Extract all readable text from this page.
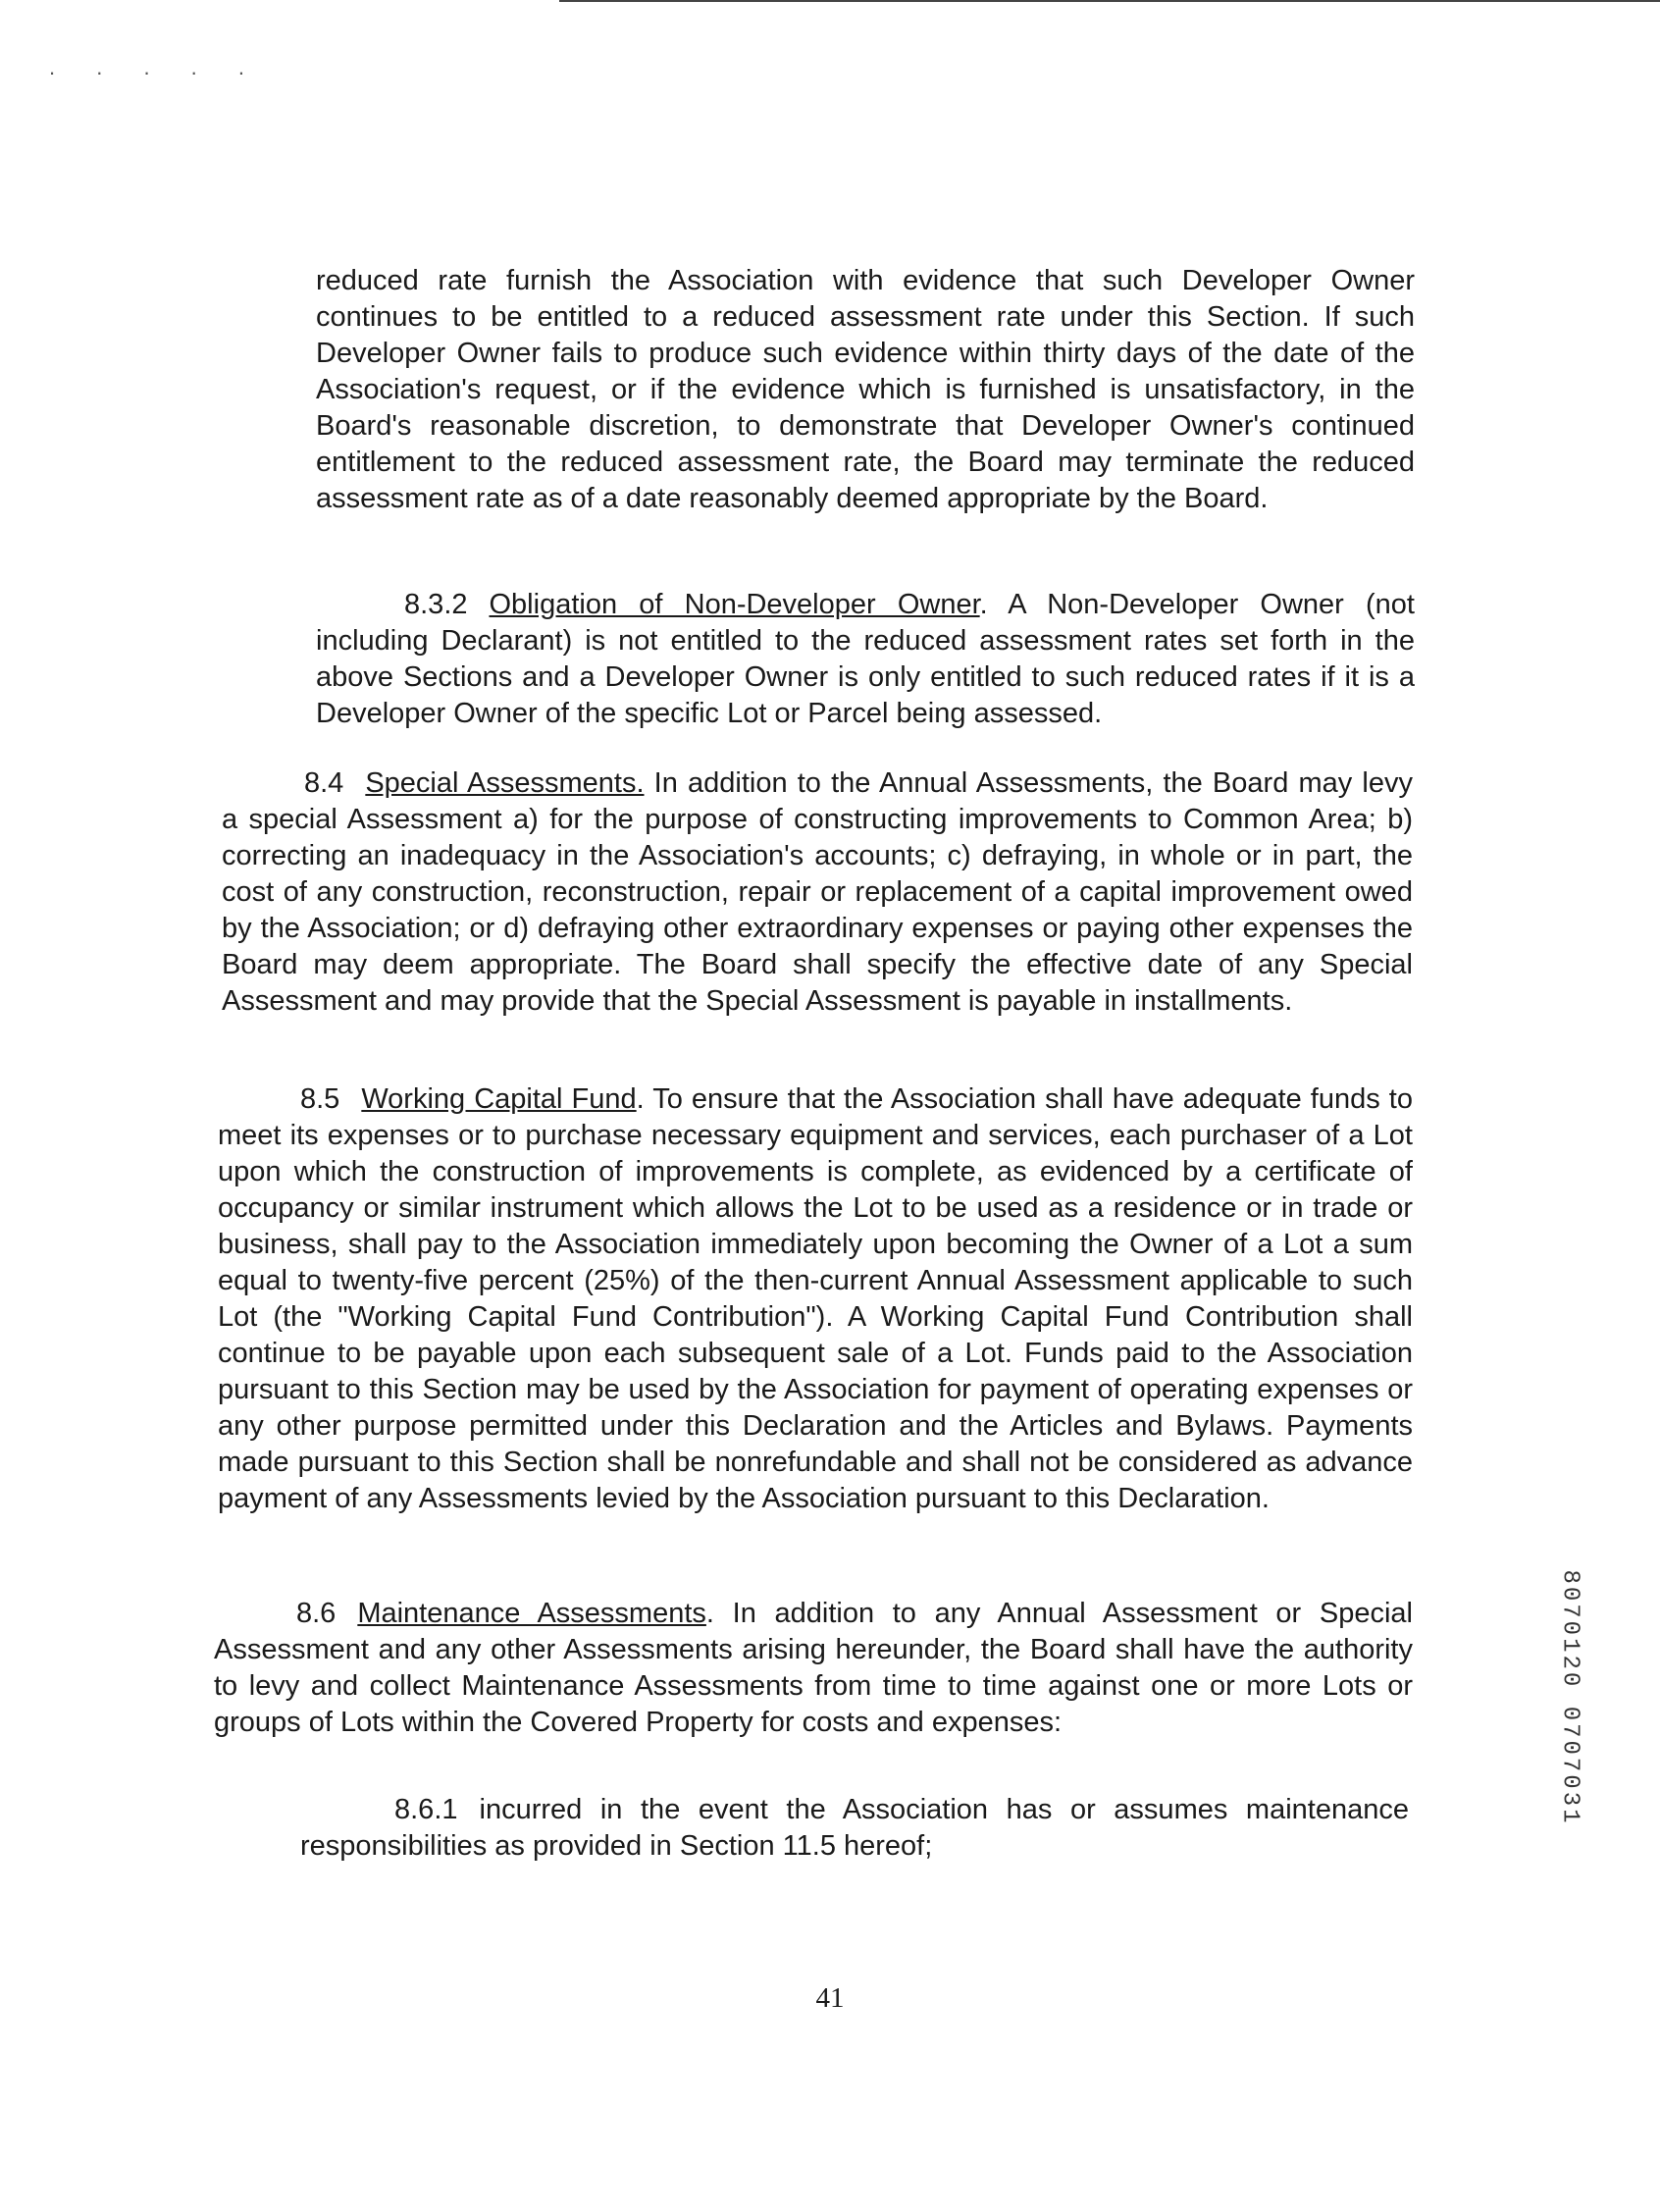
. . . . .

reduced rate furnish the Association with evidence that such Developer Owner continues to be entitled to a reduced assessment rate under this Section. If such Developer Owner fails to produce such evidence within thirty days of the date of the Association's request, or if the evidence which is furnished is unsatisfactory, in the Board's reasonable discretion, to demonstrate that Developer Owner's continued entitlement to the reduced assessment rate, the Board may terminate the reduced assessment rate as of a date reasonably deemed appropriate by the Board.

8.3.2 Obligation of Non-Developer Owner. A Non-Developer Owner (not including Declarant) is not entitled to the reduced assessment rates set forth in the above Sections and a Developer Owner is only entitled to such reduced rates if it is a Developer Owner of the specific Lot or Parcel being assessed.

8.4 Special Assessments. In addition to the Annual Assessments, the Board may levy a special Assessment a) for the purpose of constructing improvements to Common Area; b) correcting an inadequacy in the Association's accounts; c) defraying, in whole or in part, the cost of any construction, reconstruction, repair or replacement of a capital improvement owed by the Association; or d) defraying other extraordinary expenses or paying other expenses the Board may deem appropriate. The Board shall specify the effective date of any Special Assessment and may provide that the Special Assessment is payable in installments.

8.5 Working Capital Fund. To ensure that the Association shall have adequate funds to meet its expenses or to purchase necessary equipment and services, each purchaser of a Lot upon which the construction of improvements is complete, as evidenced by a certificate of occupancy or similar instrument which allows the Lot to be used as a residence or in trade or business, shall pay to the Association immediately upon becoming the Owner of a Lot a sum equal to twenty-five percent (25%) of the then-current Annual Assessment applicable to such Lot (the "Working Capital Fund Contribution"). A Working Capital Fund Contribution shall continue to be payable upon each subsequent sale of a Lot. Funds paid to the Association pursuant to this Section may be used by the Association for payment of operating expenses or any other purpose permitted under this Declaration and the Articles and Bylaws. Payments made pursuant to this Section shall be nonrefundable and shall not be considered as advance payment of any Assessments levied by the Association pursuant to this Declaration.

8.6 Maintenance Assessments. In addition to any Annual Assessment or Special Assessment and any other Assessments arising hereunder, the Board shall have the authority to levy and collect Maintenance Assessments from time to time against one or more Lots or groups of Lots within the Covered Property for costs and expenses:

8.6.1 incurred in the event the Association has or assumes maintenance responsibilities as provided in Section 11.5 hereof;

8070120 0707031
41
